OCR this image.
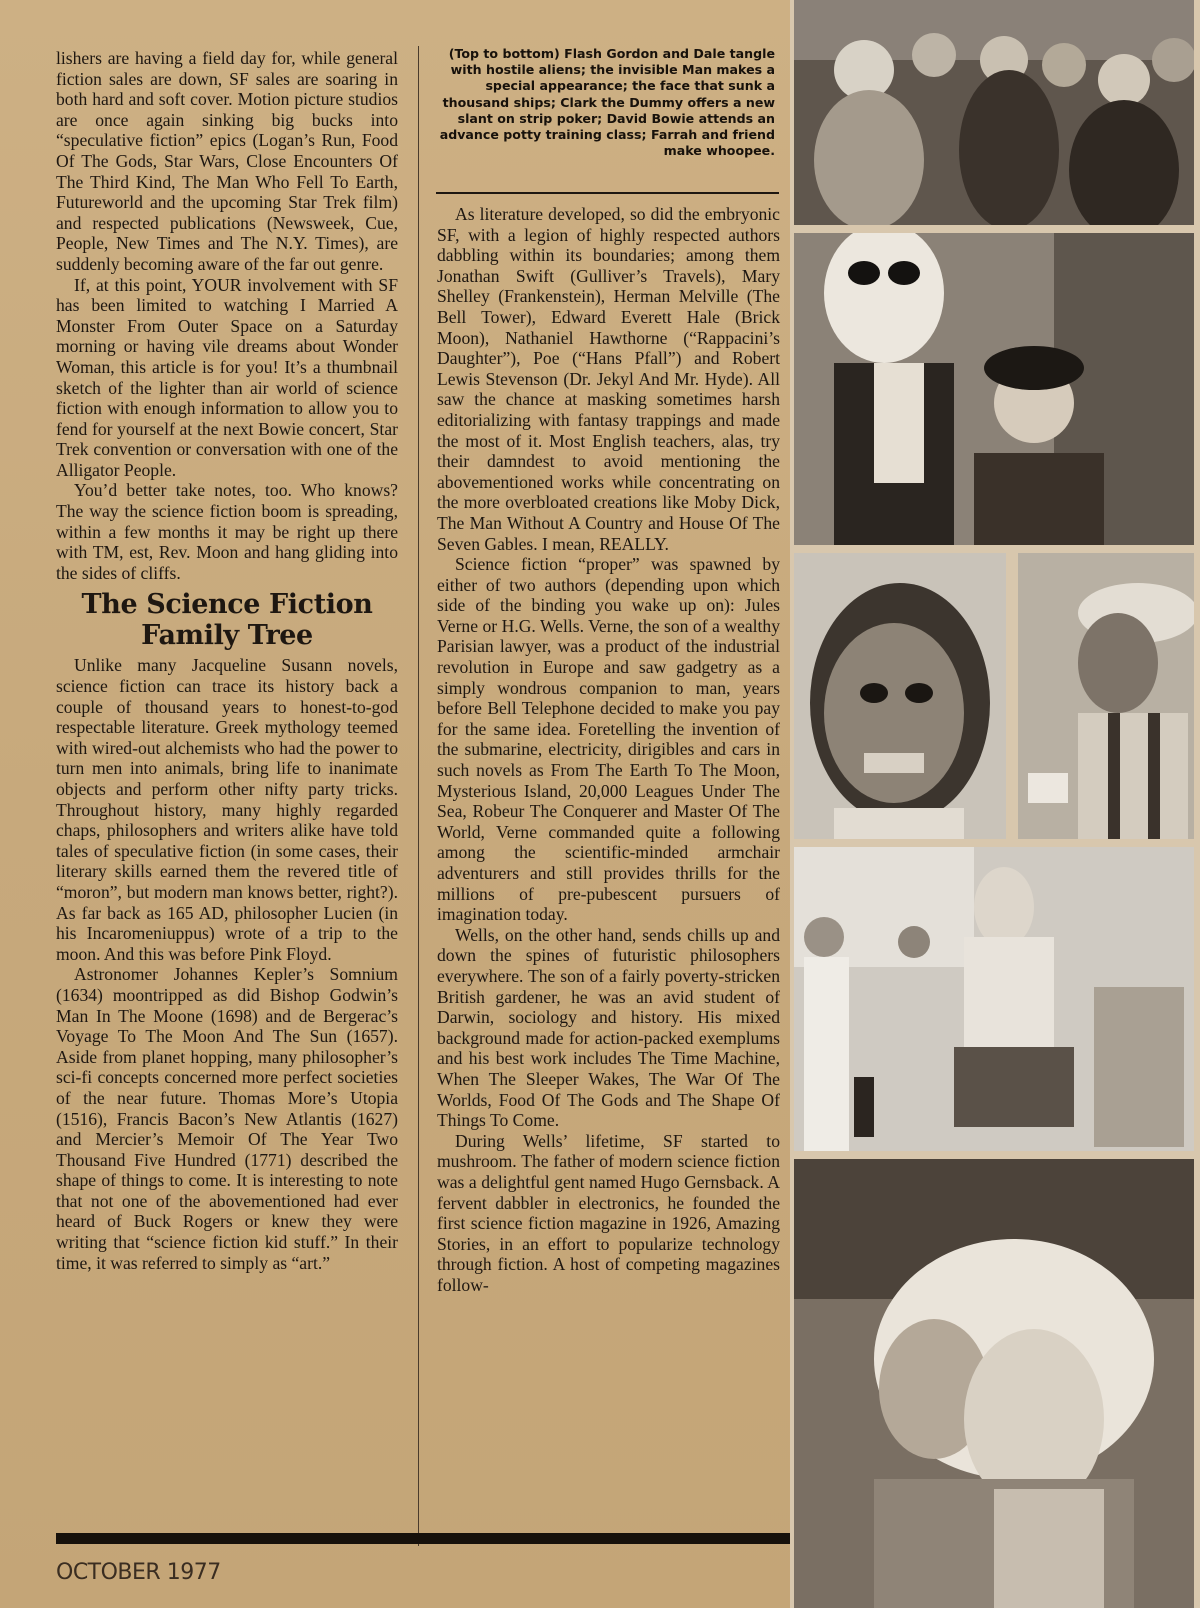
lishers are having a field day for, while general fiction sales are down, SF sales are soaring in both hard and soft cover. Motion picture studios are once again sinking big bucks into “speculative fiction” epics (Logan’s Run, Food Of The Gods, Star Wars, Close Encounters Of The Third Kind, The Man Who Fell To Earth, Futureworld and the upcoming Star Trek film) and respected publications (Newsweek, Cue, People, New Times and The N.Y. Times), are suddenly becoming aware of the far out genre.

If, at this point, YOUR involvement with SF has been limited to watching I Married A Monster From Outer Space on a Saturday morning or having vile dreams about Wonder Woman, this article is for you! It’s a thumbnail sketch of the lighter than air world of science fiction with enough information to allow you to fend for yourself at the next Bowie concert, Star Trek convention or conversation with one of the Alligator People.

You’d better take notes, too. Who knows? The way the science fiction boom is spreading, within a few months it may be right up there with TM, est, Rev. Moon and hang gliding into the sides of cliffs.

The Science Fiction Family Tree

Unlike many Jacqueline Susann novels, science fiction can trace its history back a couple of thousand years to honest-to-god respectable literature. Greek mythology teemed with wired-out alchemists who had the power to turn men into animals, bring life to inanimate objects and perform other nifty party tricks. Throughout history, many highly regarded chaps, philosophers and writers alike have told tales of speculative fiction (in some cases, their literary skills earned them the revered title of “moron”, but modern man knows better, right?). As far back as 165 AD, philosopher Lucien (in his Incaromeniuppus) wrote of a trip to the moon. And this was before Pink Floyd.

Astronomer Johannes Kepler’s Somnium (1634) moontripped as did Bishop Godwin’s Man In The Moone (1698) and de Bergerac’s Voyage To The Moon And The Sun (1657). Aside from planet hopping, many philosopher’s sci-fi concepts concerned more perfect societies of the near future. Thomas More’s Utopia (1516), Francis Bacon’s New Atlantis (1627) and Mercier’s Memoir Of The Year Two Thousand Five Hundred (1771) described the shape of things to come. It is interesting to note that not one of the abovementioned had ever heard of Buck Rogers or knew they were writing that “science fiction kid stuff.” In their time, it was referred to simply as “art.”

(Top to bottom) Flash Gordon and Dale tangle with hostile aliens; the invisible Man makes a special appearance; the face that sunk a thousand ships; Clark the Dummy offers a new slant on strip poker; David Bowie attends an advance potty training class; Farrah and friend make whoopee.

As literature developed, so did the embryonic SF, with a legion of highly respected authors dabbling within its boundaries; among them Jonathan Swift (Gulliver’s Travels), Mary Shelley (Frankenstein), Herman Melville (The Bell Tower), Edward Everett Hale (Brick Moon), Nathaniel Hawthorne (“Rappacini’s Daughter”), Poe (“Hans Pfall”) and Robert Lewis Stevenson (Dr. Jekyl And Mr. Hyde). All saw the chance at masking sometimes harsh editorializing with fantasy trappings and made the most of it. Most English teachers, alas, try their damndest to avoid mentioning the abovementioned works while concentrating on the more overbloated creations like Moby Dick, The Man Without A Country and House Of The Seven Gables. I mean, REALLY.

Science fiction “proper” was spawned by either of two authors (depending upon which side of the binding you wake up on): Jules Verne or H.G. Wells. Verne, the son of a wealthy Parisian lawyer, was a product of the industrial revolution in Europe and saw gadgetry as a simply wondrous companion to man, years before Bell Telephone decided to make you pay for the same idea. Foretelling the invention of the submarine, electricity, dirigibles and cars in such novels as From The Earth To The Moon, Mysterious Island, 20,000 Leagues Under The Sea, Robeur The Conquerer and Master Of The World, Verne commanded quite a following among the scientific-minded armchair adventurers and still provides thrills for the millions of pre-pubescent pursuers of imagination today.

Wells, on the other hand, sends chills up and down the spines of futuristic philosophers everywhere. The son of a fairly poverty-stricken British gardener, he was an avid student of Darwin, sociology and history. His mixed background made for action-packed exemplums and his best work includes The Time Machine, When The Sleeper Wakes, The War Of The Worlds, Food Of The Gods and The Shape Of Things To Come.

During Wells’ lifetime, SF started to mushroom. The father of modern science fiction was a delightful gent named Hugo Gernsback. A fervent dabbler in electronics, he founded the first science fiction magazine in 1926, Amazing Stories, in an effort to popularize technology through fiction. A host of competing magazines follow-

OCTOBER 1977
